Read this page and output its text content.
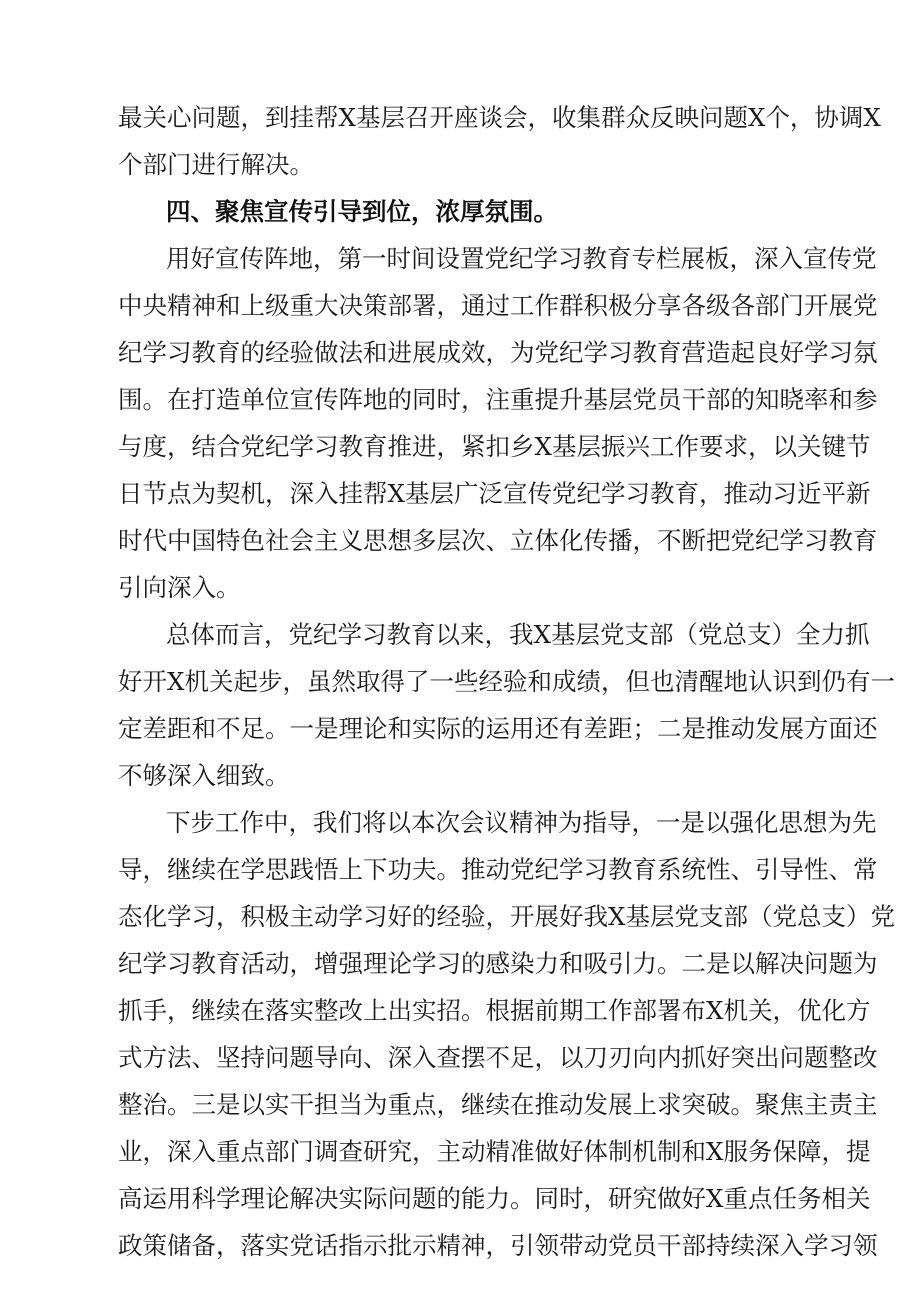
最关心问题，到挂帮X基层召开座谈会，收集群众反映问题X个，协调X
个部门进行解决。
四、聚焦宣传引导到位，浓厚氛围。
用好宣传阵地，第一时间设置党纪学习教育专栏展板，深入宣传党
中央精神和上级重大决策部署，通过工作群积极分享各级各部门开展党
纪学习教育的经验做法和进展成效，为党纪学习教育营造起良好学习氛
围。在打造单位宣传阵地的同时，注重提升基层党员干部的知晓率和参
与度，结合党纪学习教育推进，紧扣乡X基层振兴工作要求，以关键节
日节点为契机，深入挂帮X基层广泛宣传党纪学习教育，推动习近平新
时代中国特色社会主义思想多层次、立体化传播，不断把党纪学习教育
引向深入。
总体而言，党纪学习教育以来，我X基层党支部（党总支）全力抓
好开X机关起步，虽然取得了一些经验和成绩，但也清醒地认识到仍有一
定差距和不足。一是理论和实际的运用还有差距；二是推动发展方面还
不够深入细致。
下步工作中，我们将以本次会议精神为指导，一是以强化思想为先
导，继续在学思践悟上下功夫。推动党纪学习教育系统性、引导性、常
态化学习，积极主动学习好的经验，开展好我X基层党支部（党总支）党
纪学习教育活动，增强理论学习的感染力和吸引力。二是以解决问题为
抓手，继续在落实整改上出实招。根据前期工作部署布X机关，优化方
式方法、坚持问题导向、深入查摆不足，以刀刃向内抓好突出问题整改
整治。三是以实干担当为重点，继续在推动发展上求突破。聚焦主责主
业，深入重点部门调查研究，主动精准做好体制机制和X服务保障，提
高运用科学理论解决实际问题的能力。同时，研究做好X重点任务相关
政策储备，落实党话指示批示精神，引领带动党员干部持续深入学习领
